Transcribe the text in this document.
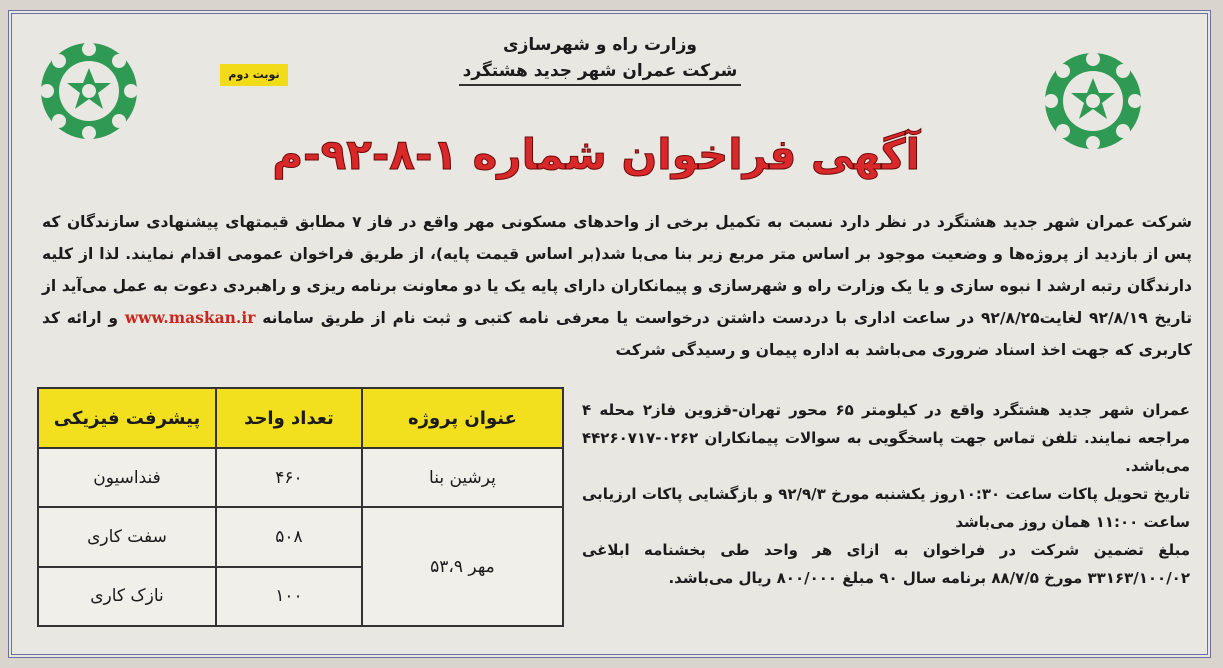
وزارت راه و شهرسازی
شرکت عمران شهر جدید هشتگرد
نوبت دوم
آگهی فراخوان شماره ۱-۸-۹۲-م
شرکت عمران شهر جدید هشتگرد در نظر دارد نسبت به تکمیل برخی از واحدهای مسکونی مهر واقع در فاز ۷ مطابق قیمتهای پیشنهادی سازندگان که پس از بازدید از پروژه‌ها و وضعیت موجود بر اساس متر مربع زیر بنا می‌با شد(بر اساس قیمت پایه)، از طریق فراخوان عمومی اقدام نمایند. لذا از کلیه دارندگان رتبه ارشد ا نبوه سازی و یا یک وزارت راه و شهرسازی و پیمانکاران دارای پایه یک یا دو معاونت برنامه ریزی و راهبردی دعوت به عمل می‌آید از تاریخ ۹۲/۸/۱۹ لغایت۹۲/۸/۲۵ در ساعت اداری با دردست داشتن درخواست یا معرفی نامه کتبی و ثبت نام از طریق سامانه www.maskan.ir و ارائه کد کاربری که جهت اخذ اسناد ضروری می‌باشد به اداره پیمان و رسیدگی شرکت
عمران شهر جدید هشتگرد واقع در کیلومتر ۶۵ محور تهران-قزوین فاز۲ محله ۴ مراجعه نمایند. تلفن تماس جهت پاسخگویی به سوالات پیمانکاران ۰۲۶۲-۴۴۲۶۰۷۱۷ می‌باشد.
تاریخ تحویل پاکات ساعت ۱۰:۳۰روز یکشنبه مورخ ۹۲/۹/۳ و بازگشایی پاکات ارزیابی ساعت ۱۱:۰۰ همان روز می‌باشد
مبلغ تضمین شرکت در فراخوان به ازای هر واحد طی بخشنامه ابلاغی ۳۳۱۶۳/۱۰۰/۰۲ مورخ ۸۸/۷/۵ برنامه سال ۹۰ مبلغ ۸۰۰/۰۰۰ ریال می‌باشد.
عنوان پروژه	تعداد واحد	پیشرفت فیزیکی
پرشین بنا	۴۶۰	فنداسیون
مهر ۵۳،۹	۵۰۸	سفت کاری
	۱۰۰	نازک کاری
